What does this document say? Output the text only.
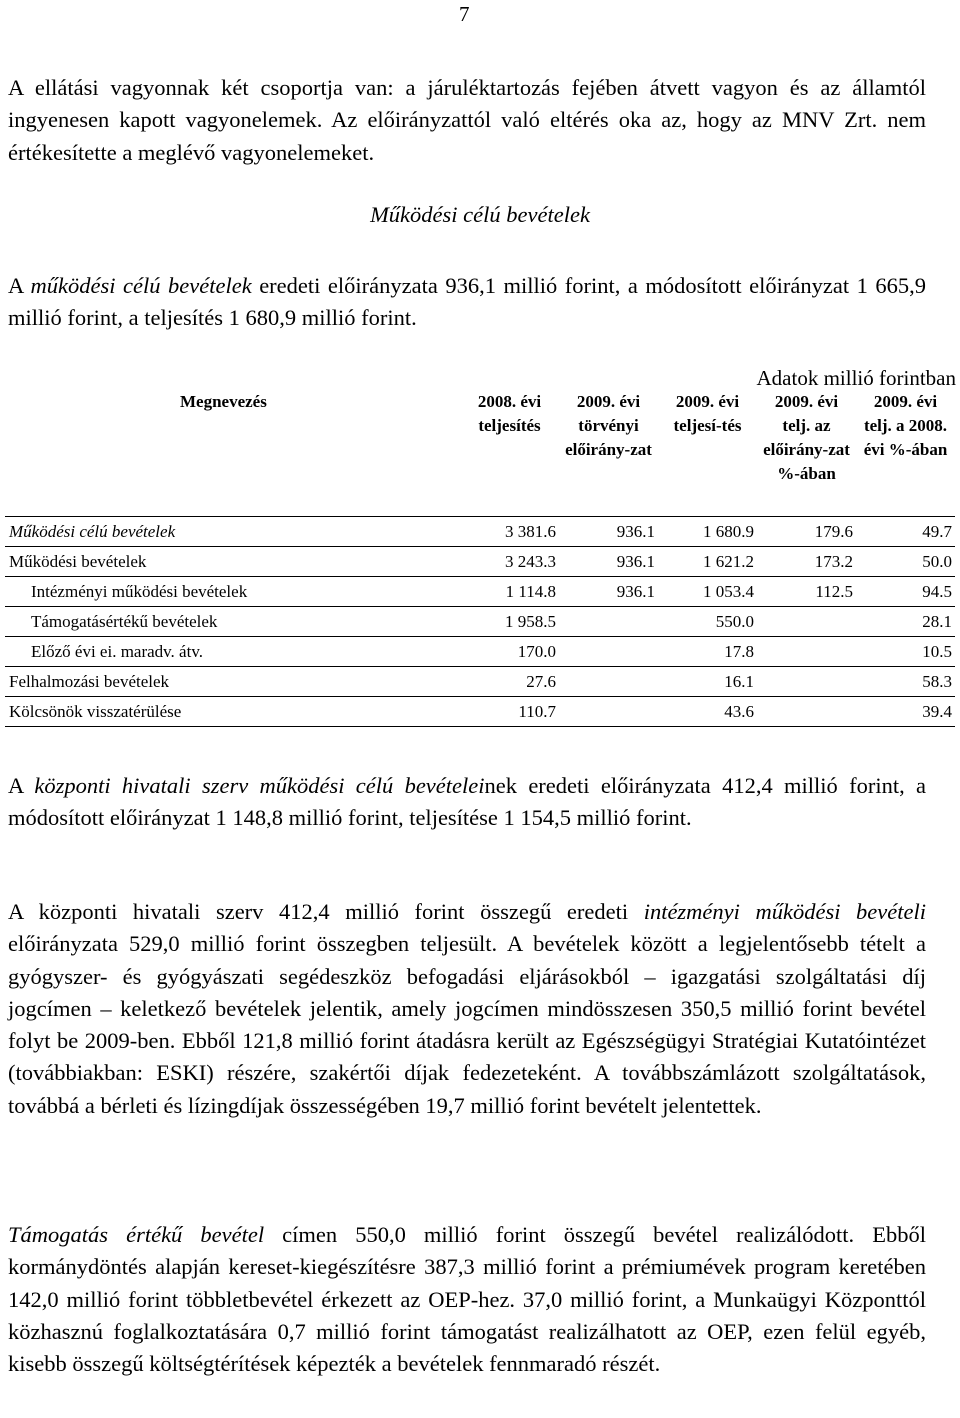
7

A ellátási vagyonnak két csoportja van: a járuléktartozás fejében átvett vagyon és az államtól ingyenesen kapott vagyonelemek. Az előirányzattól való eltérés oka az, hogy az MNV Zrt. nem értékesítette a meglévő vagyonelemeket.

Működési célú bevételek

A működési célú bevételek eredeti előirányzata 936,1 millió forint, a módosított előirányzat 1 665,9 millió forint, a teljesítés 1 680,9 millió forint.

Adatok millió forintban
Megnevezés	2008. évi teljesítés	2009. évi törvényi előirány-zat	2009. évi teljesí-tés	2009. évi telj. az előirány-zat %-ában	2009. évi telj. a 2008. évi %-ában
Működési célú bevételek	3 381.6	936.1	1 680.9	179.6	49.7
Működési bevételek	3 243.3	936.1	1 621.2	173.2	50.0
Intézményi működési bevételek	1 114.8	936.1	1 053.4	112.5	94.5
Támogatásértékű bevételek	1 958.5		550.0		28.1
Előző évi ei. maradv. átv.	170.0		17.8		10.5
Felhalmozási bevételek	27.6		16.1		58.3
Kölcsönök visszatérülése	110.7		43.6		39.4

A központi hivatali szerv működési célú bevételeinek eredeti előirányzata 412,4 millió forint, a módosított előirányzat 1 148,8 millió forint, teljesítése 1 154,5 millió forint.

A központi hivatali szerv 412,4 millió forint összegű eredeti intézményi működési bevételi előirányzata 529,0 millió forint összegben teljesült. A bevételek között a legjelentősebb tételt a gyógyszer- és gyógyászati segédeszköz befogadási eljárásokból – igazgatási szolgáltatási díj jogcímen – keletkező bevételek jelentik, amely jogcímen mindösszesen 350,5 millió forint bevétel folyt be 2009-ben. Ebből 121,8 millió forint átadásra került az Egészségügyi Stratégiai Kutatóintézet (továbbiakban: ESKI) részére, szakértői díjak fedezeteként. A továbbszámlázott szolgáltatások, továbbá a bérleti és lízingdíjak összességében 19,7 millió forint bevételt jelentettek.

Támogatás értékű bevétel címen 550,0 millió forint összegű bevétel realizálódott. Ebből kormánydöntés alapján kereset-kiegészítésre 387,3 millió forint a prémiumévek program keretében 142,0 millió forint többletbevétel érkezett az OEP-hez. 37,0 millió forint, a Munkaügyi Központtól közhasznú foglalkoztatására 0,7 millió forint támogatást realizálhatott az OEP, ezen felül egyéb, kisebb összegű költségtérítések képezték a bevételek fennmaradó részét.
